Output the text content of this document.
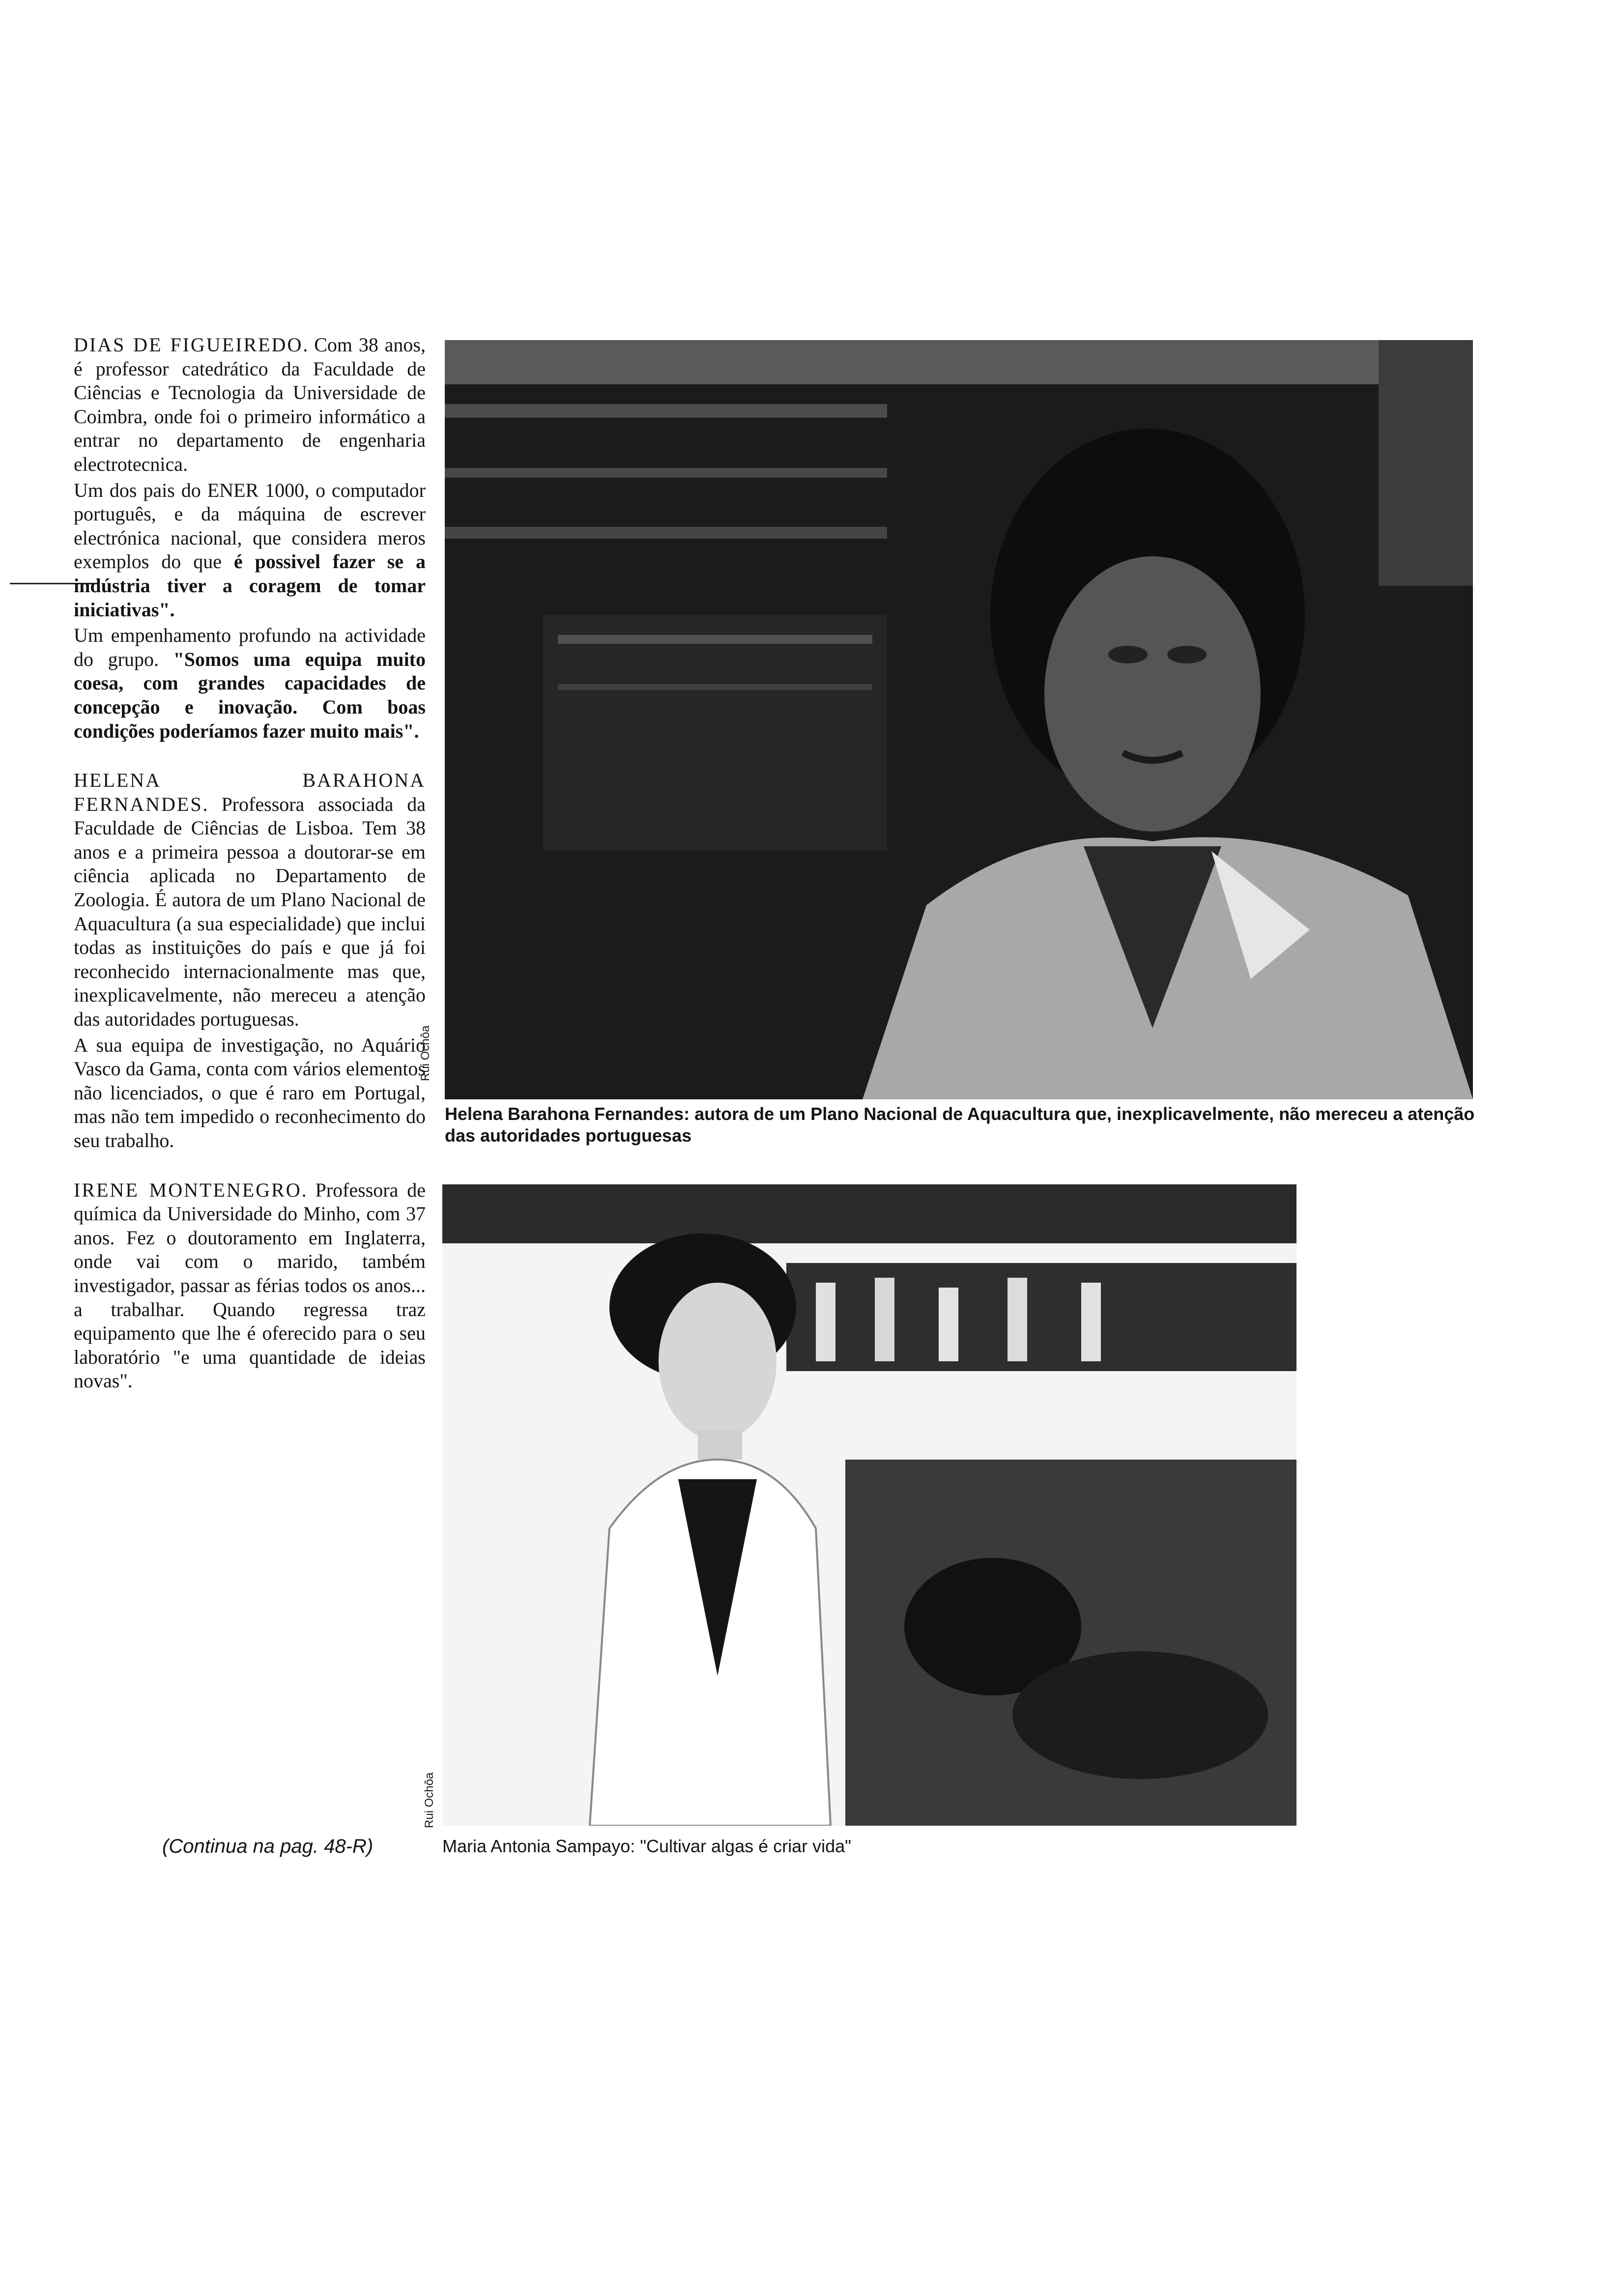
DIAS DE FIGUEIREDO. Com 38 anos, é professor catedrático da Faculdade de Ciências e Tecnologia da Universidade de Coimbra, onde foi o primeiro informático a entrar no departamento de engenharia electrotecnica.

Um dos pais do ENER 1000, o computador português, e da máquina de escrever electrónica nacional, que considera meros exemplos do que é possivel fazer se a indústria tiver a coragem de tomar iniciativas".

Um empenhamento profundo na actividade do grupo. "Somos uma equipa muito coesa, com grandes capacidades de concepção e inovação. Com boas condições poderíamos fazer muito mais".

HELENA BARAHONA FERNANDES. Professora associada da Faculdade de Ciências de Lisboa. Tem 38 anos e a primeira pessoa a doutorar-se em ciência aplicada no Departamento de Zoologia. É autora de um Plano Nacional de Aquacultura (a sua especialidade) que inclui todas as instituições do país e que já foi reconhecido internacionalmente mas que, inexplicavelmente, não mereceu a atenção das autoridades portuguesas.

A sua equipa de investigação, no Aquário Vasco da Gama, conta com vários elementos não licenciados, o que é raro em Portugal, mas não tem impedido o reconhecimento do seu trabalho.

IRENE MONTENEGRO. Professora de química da Universidade do Minho, com 37 anos. Fez o doutoramento em Inglaterra, onde vai com o marido, também investigador, passar as férias todos os anos... a trabalhar. Quando regressa traz equipamento que lhe é oferecido para o seu laboratório "e uma quantidade de ideias novas".

(Continua na pag. 48-R)
Rui Ochôa
Helena Barahona Fernandes: autora de um Plano Nacional de Aquacultura que, inexplicavelmente, não mereceu a atenção das autoridades portuguesas
Rui Ochôa
Maria Antonia Sampayo: "Cultivar algas é criar vida"
